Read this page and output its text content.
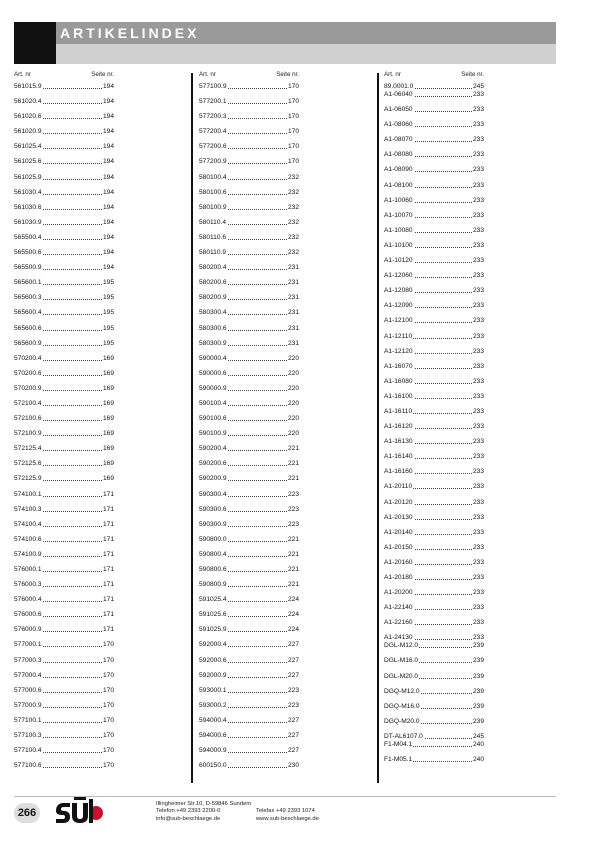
ARTIKELINDEX
Art. nr	Seite nr.
561015.9	194
561020.4	194
561020.6	194
561020.9	194
561025.4	194
561025.6	194
561025.9	194
561030.4	194
561030.6	194
561030.9	194
565500.4	194
565500.6	194
565500.9	194
565600.1	195
565600.3	195
565600.4	195
565600.6	195
565600.9	195
570200.4	169
570200.6	169
570200.9	169
572100.4	169
572100.6	169
572100.9	169
572125.4	169
572125.6	169
572125.9	169
574100.1	171
574100.3	171
574100.4	171
574100.6	171
574100.9	171
576000.1	171
576000.3	171
576000.4	171
576000.6	171
576000.9	171
577000.1	170
577000.3	170
577000.4	170
577000.6	170
577000.9	170
577100.1	170
577100.3	170
577100.4	170
577100.6	170
Art. nr	Seite nr.
577100.9	170
577200.1	170
577200.3	170
577200.4	170
577200.6	170
577200.9	170
580100.4	232
580100.6	232
580100.9	232
580110.4	232
580110.6	232
580110.9	232
580200.4	231
580200.6	231
580200.9	231
580300.4	231
580300.6	231
580300.9	231
590000.4	220
590000.6	220
590000.9	220
590100.4	220
590100.6	220
590100.9	220
590200.4	221
590200.6	221
590200.9	221
590300.4	223
590300.6	223
590300.9	223
590800.0	221
590800.4	221
590800.6	221
590800.9	221
591025.4	224
591025.6	224
591025.9	224
592000.4	227
592000.6	227
592000.9	227
593000.1	223
593000.2	223
594000.4	227
594000.6	227
594000.9	227
600150.0	230
Art. nr	Seite nr.
89.0001.0	245
A1-06040	233
A1-06050	233
A1-08060	233
A1-08070	233
A1-08080	233
A1-08090	233
A1-08100	233
A1-10060	233
A1-10070	233
A1-10080	233
A1-10100	233
A1-10120	233
A1-12060	233
A1-12080	233
A1-12090	233
A1-12100	233
A1-12110	233
A1-12120	233
A1-16070	233
A1-16080	233
A1-16100	233
A1-16110	233
A1-16120	233
A1-16130	233
A1-16140	233
A1-16160	233
A1-20110	233
A1-20120	233
A1-20130	233
A1-20140	233
A1-20150	233
A1-20160	233
A1-20180	233
A1-20200	233
A1-22140	233
A1-22160	233
A1-24130	233
DGL-M12.0	239
DGL-M16.0	239
DGL-M20.0	239
DGQ-M12.0	239
DGQ-M16.0	239
DGQ-M20.0	239
DT-AL6107.0	245
F1-M04.1	240
F1-M05.1	240
266
Illingheimer Str.10, D-59846 Sundern
Telefon +49 2393 2200-0	Telefax +49 2393 1074
info@sub-beschlaege.de	www.sub-beschlaege.de
